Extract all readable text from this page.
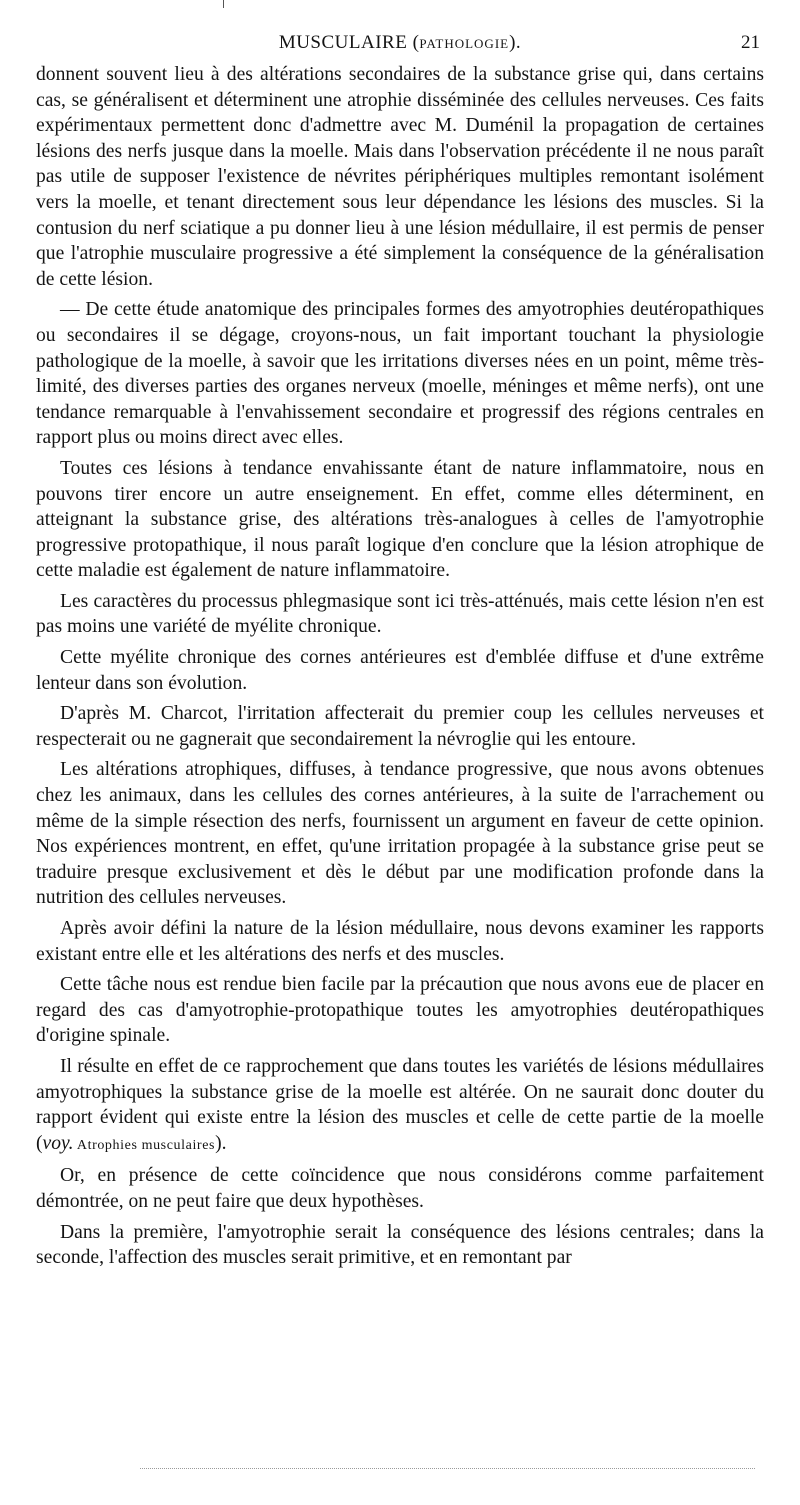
MUSCULAIRE (PATHOLOGIE).	21

donnent souvent lieu à des altérations secondaires de la substance grise qui, dans certains cas, se généralisent et déterminent une atrophie disséminée des cellules nerveuses. Ces faits expérimentaux permettent donc d'admettre avec M. Duménil la propagation de certaines lésions des nerfs jusque dans la moelle. Mais dans l'observation précédente il ne nous paraît pas utile de supposer l'existence de névrites périphériques multiples remontant isolément vers la moelle, et tenant directement sous leur dépendance les lésions des muscles. Si la contusion du nerf sciatique a pu donner lieu à une lésion médullaire, il est permis de penser que l'atrophie musculaire progressive a été simplement la conséquence de la généralisation de cette lésion.

— De cette étude anatomique des principales formes des amyotrophies deutéropathiques ou secondaires il se dégage, croyons-nous, un fait important touchant la physiologie pathologique de la moelle, à savoir que les irritations diverses nées en un point, même très-limité, des diverses parties des organes nerveux (moelle, méninges et même nerfs), ont une tendance remarquable à l'envahissement secondaire et progressif des régions centrales en rapport plus ou moins direct avec elles.

Toutes ces lésions à tendance envahissante étant de nature inflammatoire, nous en pouvons tirer encore un autre enseignement. En effet, comme elles déterminent, en atteignant la substance grise, des altérations très-analogues à celles de l'amyotrophie progressive protopathique, il nous paraît logique d'en conclure que la lésion atrophique de cette maladie est également de nature inflammatoire.

Les caractères du processus phlegmasique sont ici très-atténués, mais cette lésion n'en est pas moins une variété de myélite chronique.

Cette myélite chronique des cornes antérieures est d'emblée diffuse et d'une extrême lenteur dans son évolution.

D'après M. Charcot, l'irritation affecterait du premier coup les cellules nerveuses et respecterait ou ne gagnerait que secondairement la névroglie qui les entoure.

Les altérations atrophiques, diffuses, à tendance progressive, que nous avons obtenues chez les animaux, dans les cellules des cornes antérieures, à la suite de l'arrachement ou même de la simple résection des nerfs, fournissent un argument en faveur de cette opinion. Nos expériences montrent, en effet, qu'une irritation propagée à la substance grise peut se traduire presque exclusivement et dès le début par une modification profonde dans la nutrition des cellules nerveuses.

Après avoir défini la nature de la lésion médullaire, nous devons examiner les rapports existant entre elle et les altérations des nerfs et des muscles.

Cette tâche nous est rendue bien facile par la précaution que nous avons eue de placer en regard des cas d'amyotrophie-protopathique toutes les amyotrophies deutéropathiques d'origine spinale.

Il résulte en effet de ce rapprochement que dans toutes les variétés de lésions médullaires amyotrophiques la substance grise de la moelle est altérée. On ne saurait donc douter du rapport évident qui existe entre la lésion des muscles et celle de cette partie de la moelle (voy. Atrophies musculaires).

Or, en présence de cette coïncidence que nous considérons comme parfaitement démontrée, on ne peut faire que deux hypothèses.

Dans la première, l'amyotrophie serait la conséquence des lésions centrales; dans la seconde, l'affection des muscles serait primitive, et en remontant par
